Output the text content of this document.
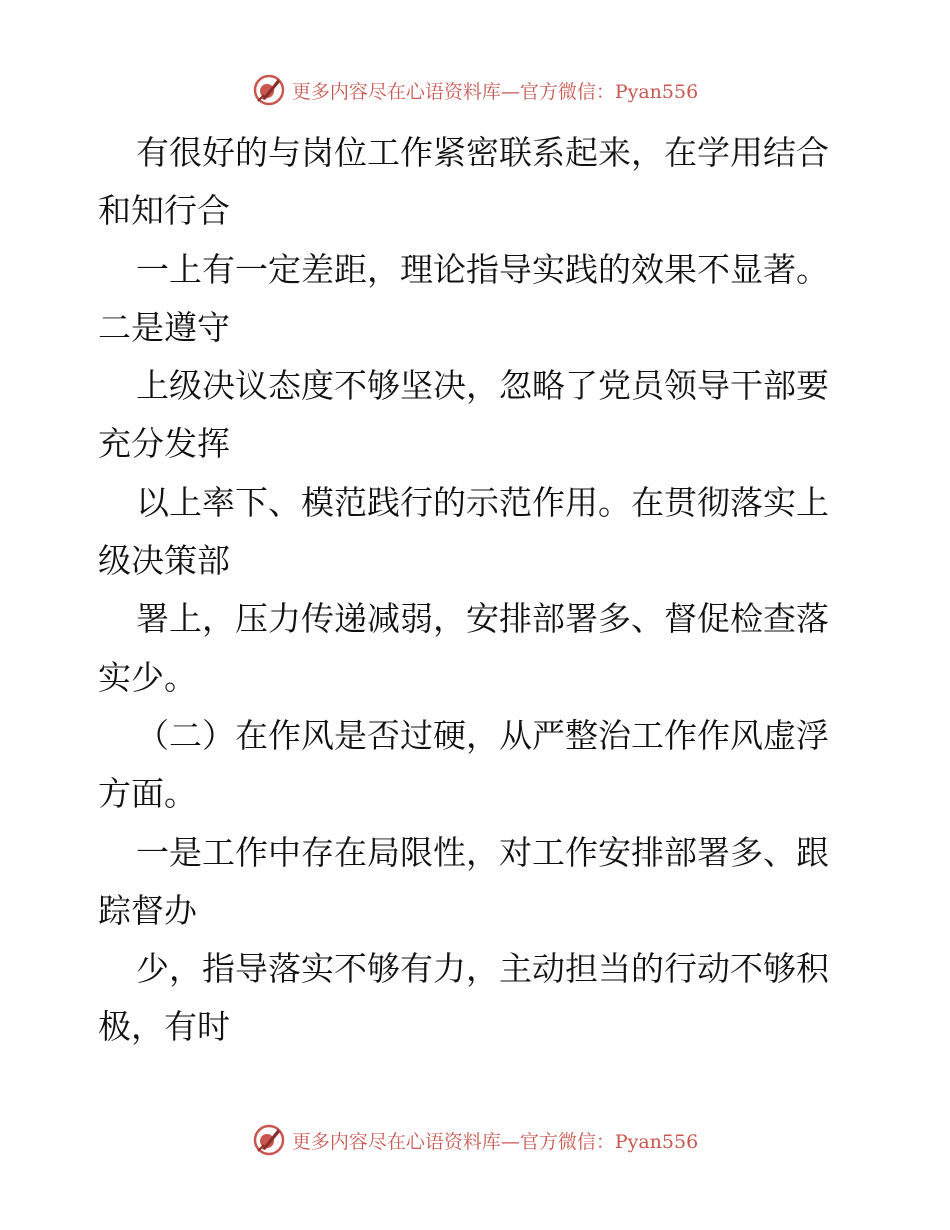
更多内容尽在心语资料库—官方微信：Pyan556

有很好的与岗位工作紧密联系起来，在学用结合
和知行合

一上有一定差距，理论指导实践的效果不显著。
二是遵守

上级决议态度不够坚决，忽略了党员领导干部要
充分发挥

以上率下、模范践行的示范作用。在贯彻落实上
级决策部

署上，压力传递减弱，安排部署多、督促检查落
实少。

（二）在作风是否过硬，从严整治工作作风虚浮
方面。

一是工作中存在局限性，对工作安排部署多、跟
踪督办

少，指导落实不够有力，主动担当的行动不够积
极，有时

更多内容尽在心语资料库—官方微信：Pyan556
